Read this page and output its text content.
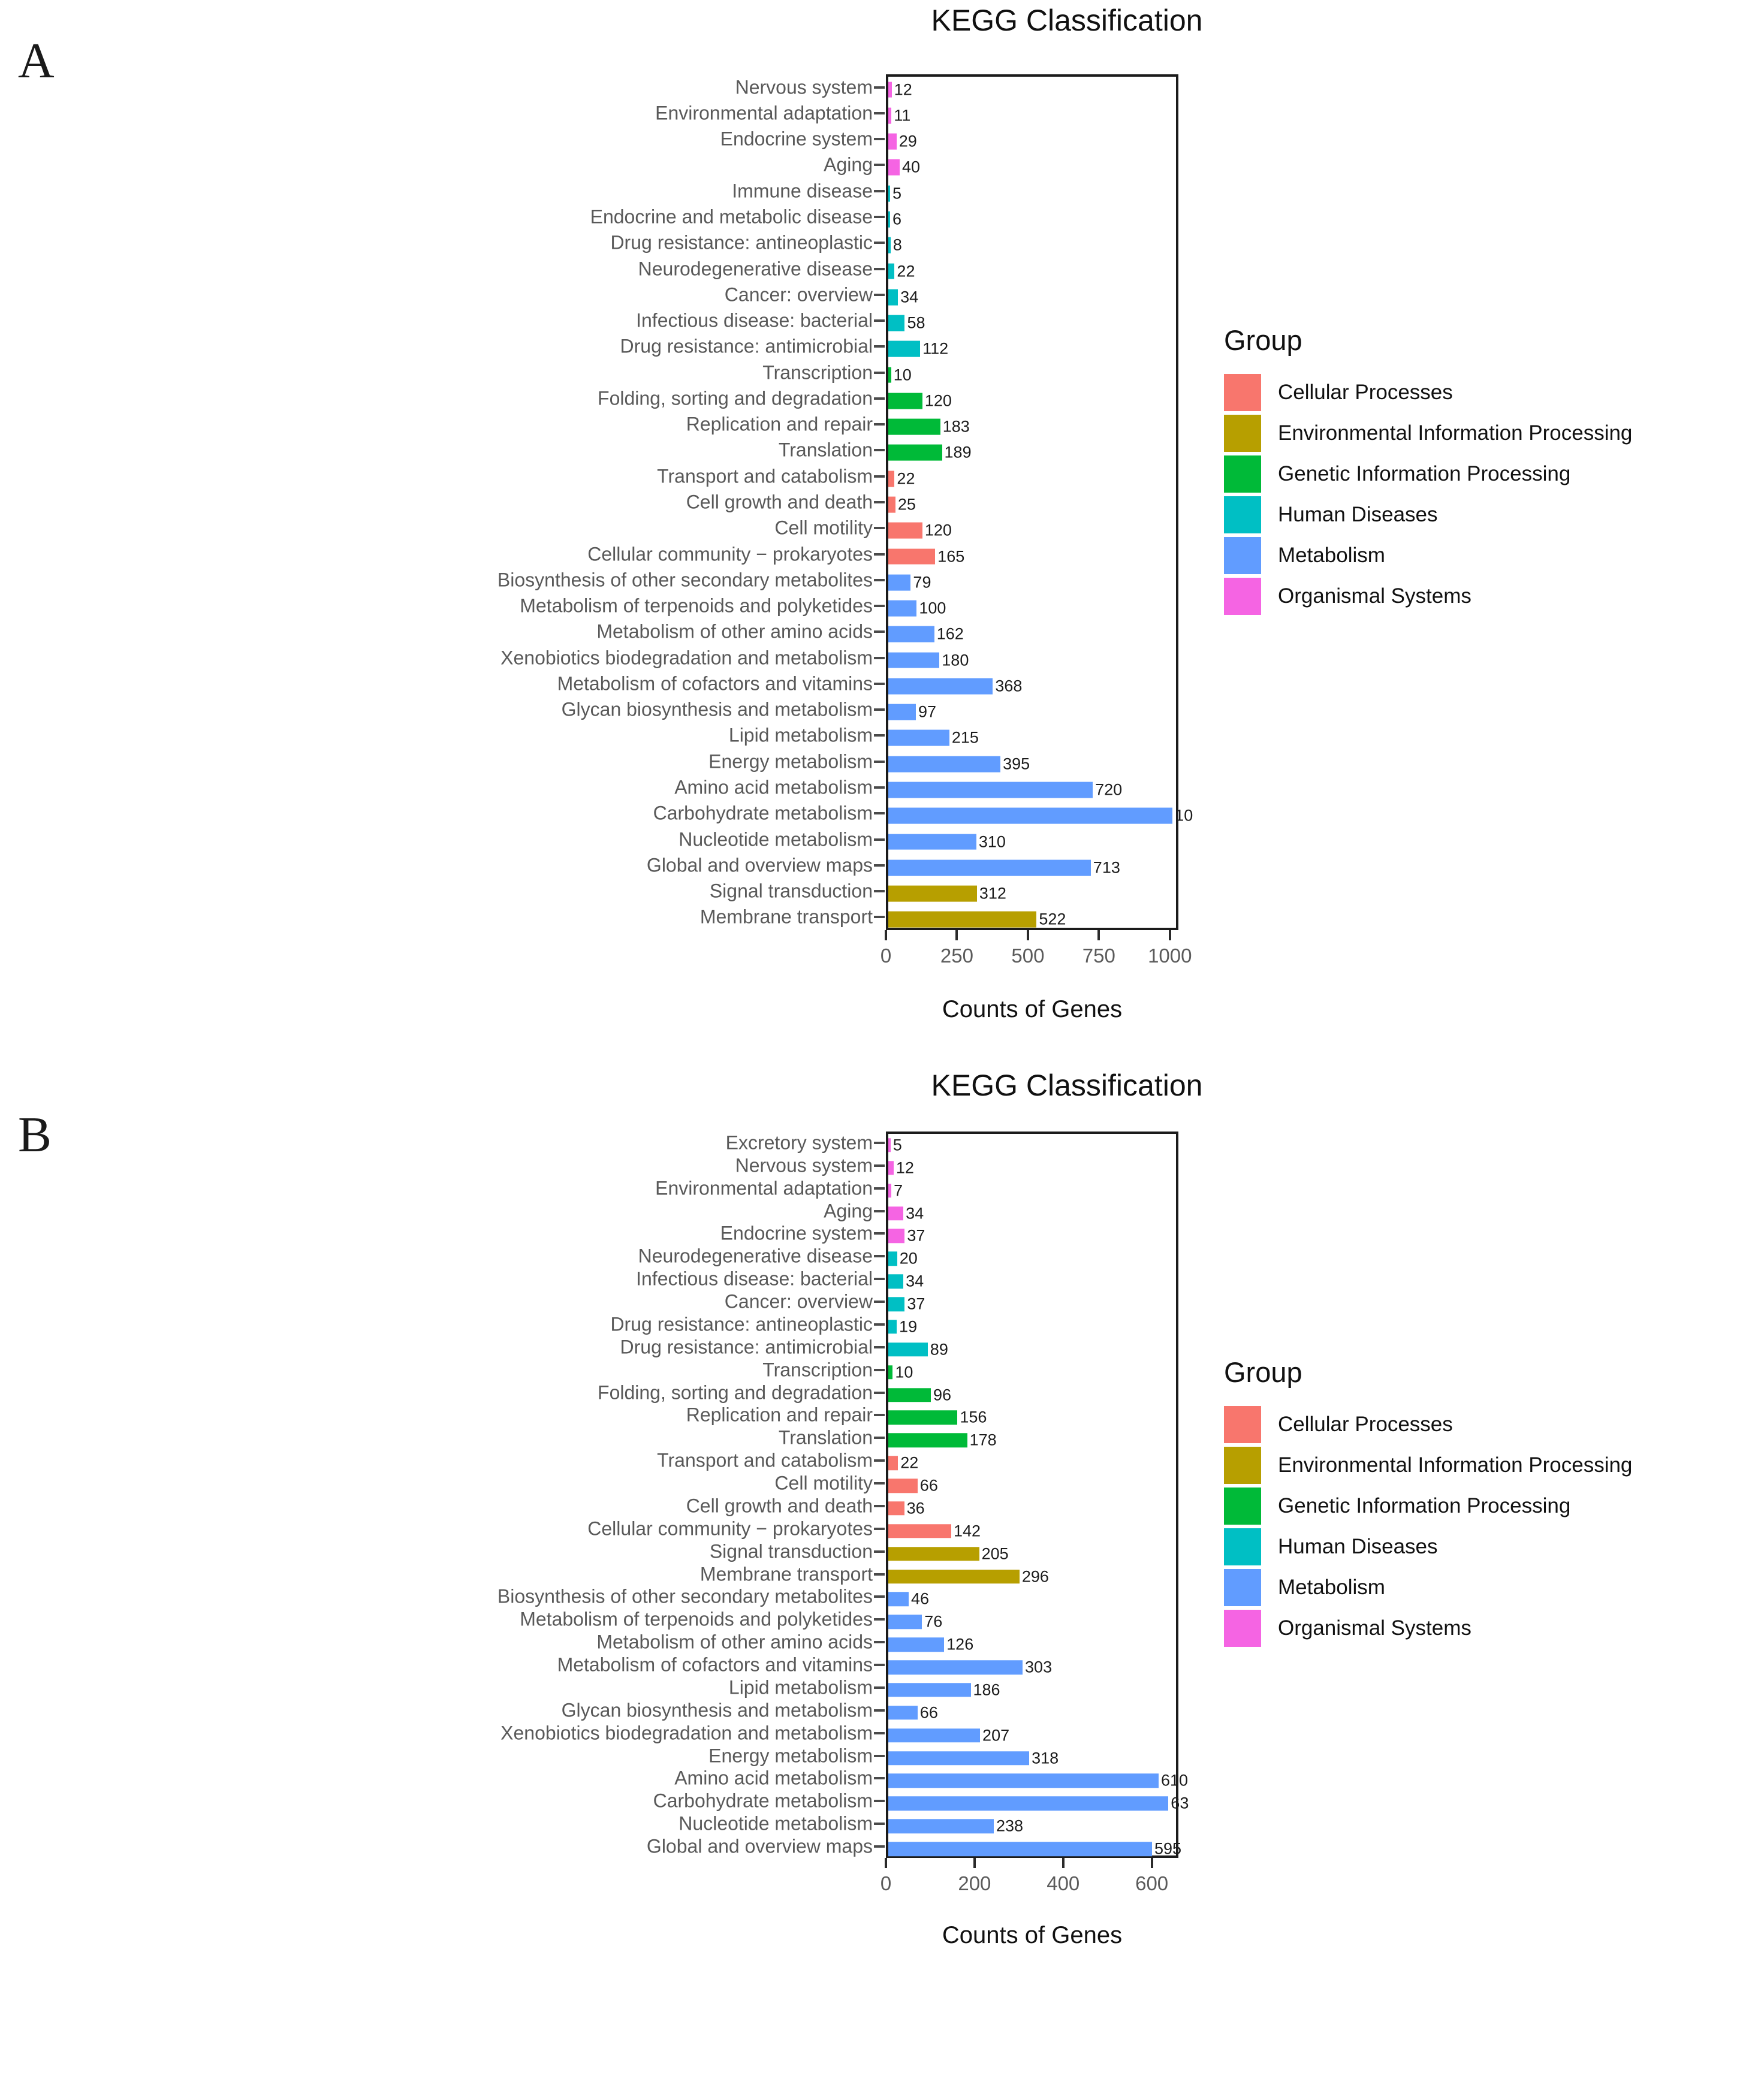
A
KEGG Classification
Nervous system
Environmental adaptation
Endocrine system
Aging
Immune disease
Endocrine and metabolic disease
Drug resistance: antineoplastic
Neurodegenerative disease
Cancer: overview
Infectious disease: bacterial
Drug resistance: antimicrobial
Transcription
Folding, sorting and degradation
Replication and repair
Translation
Transport and catabolism
Cell growth and death
Cell motility
Cellular community − prokaryotes
Biosynthesis of other secondary metabolites
Metabolism of terpenoids and polyketides
Metabolism of other amino acids
Xenobiotics biodegradation and metabolism
Metabolism of cofactors and vitamins
Glycan biosynthesis and metabolism
Lipid metabolism
Energy metabolism
Amino acid metabolism
Carbohydrate metabolism
Nucleotide metabolism
Global and overview maps
Signal transduction
Membrane transport
12
11
29
40
5
6
8
22
34
58
112
10
120
183
189
22
25
120
165
79
100
162
180
368
97
215
395
720
10
310
713
312
522
0 250 500 750 1000
Counts of Genes
Group
Cellular Processes
Environmental Information Processing
Genetic Information Processing
Human Diseases
Metabolism
Organismal Systems
B
KEGG Classification
Excretory system
Nervous system
Environmental adaptation
Aging
Endocrine system
Neurodegenerative disease
Infectious disease: bacterial
Cancer: overview
Drug resistance: antineoplastic
Drug resistance: antimicrobial
Transcription
Folding, sorting and degradation
Replication and repair
Translation
Transport and catabolism
Cell motility
Cell growth and death
Cellular community − prokaryotes
Signal transduction
Membrane transport
Biosynthesis of other secondary metabolites
Metabolism of terpenoids and polyketides
Metabolism of other amino acids
Metabolism of cofactors and vitamins
Lipid metabolism
Glycan biosynthesis and metabolism
Xenobiotics biodegradation and metabolism
Energy metabolism
Amino acid metabolism
Carbohydrate metabolism
Nucleotide metabolism
Global and overview maps
5
12
7
34
37
20
34
37
19
89
10
96
156
178
22
66
36
142
205
296
46
76
126
303
186
66
207
318
610
63
238
595
0	200	400	600
Counts of Genes
Group
Cellular Processes
Environmental Information Processing
Genetic Information Processing
Human Diseases
Metabolism
Organismal Systems
